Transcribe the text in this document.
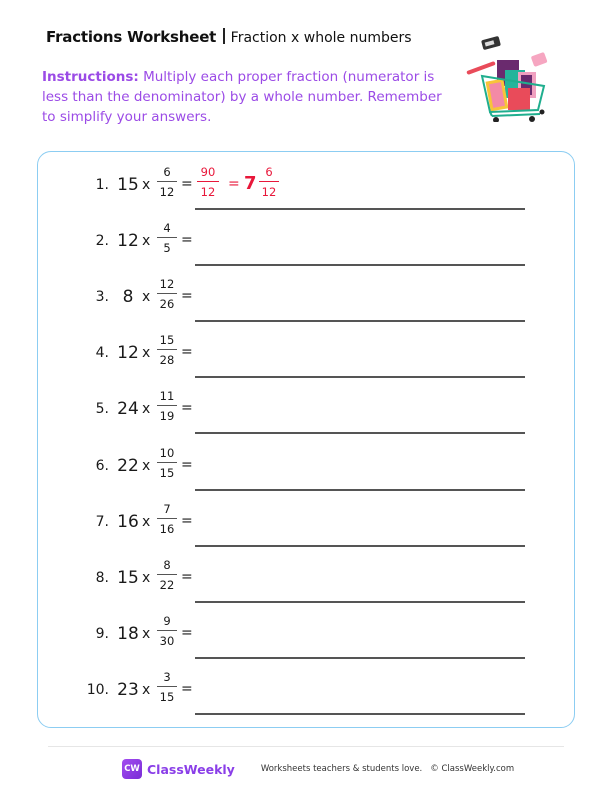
Fractions Worksheet Fraction x whole numbers
Instructions: Multiply each proper fraction (numerator is less than the denominator) by a whole number. Remember to simplify your answers.
1. 15 x
6
12 =
90
12 = 7
6
12
2. 12 x
4
5 =
3. 8 x
12
26 =
4. 12 x
15
28 =
5. 24 x
11
19 =
6. 22 x
10
15 =
7. 16 x
7
16 =
8. 15 x
8
22 =
9. 18 x
9
30 =
10. 23 x
3
15 =
CW ClassWeekly	Worksheets teachers & students love. © ClassWeekly.com
